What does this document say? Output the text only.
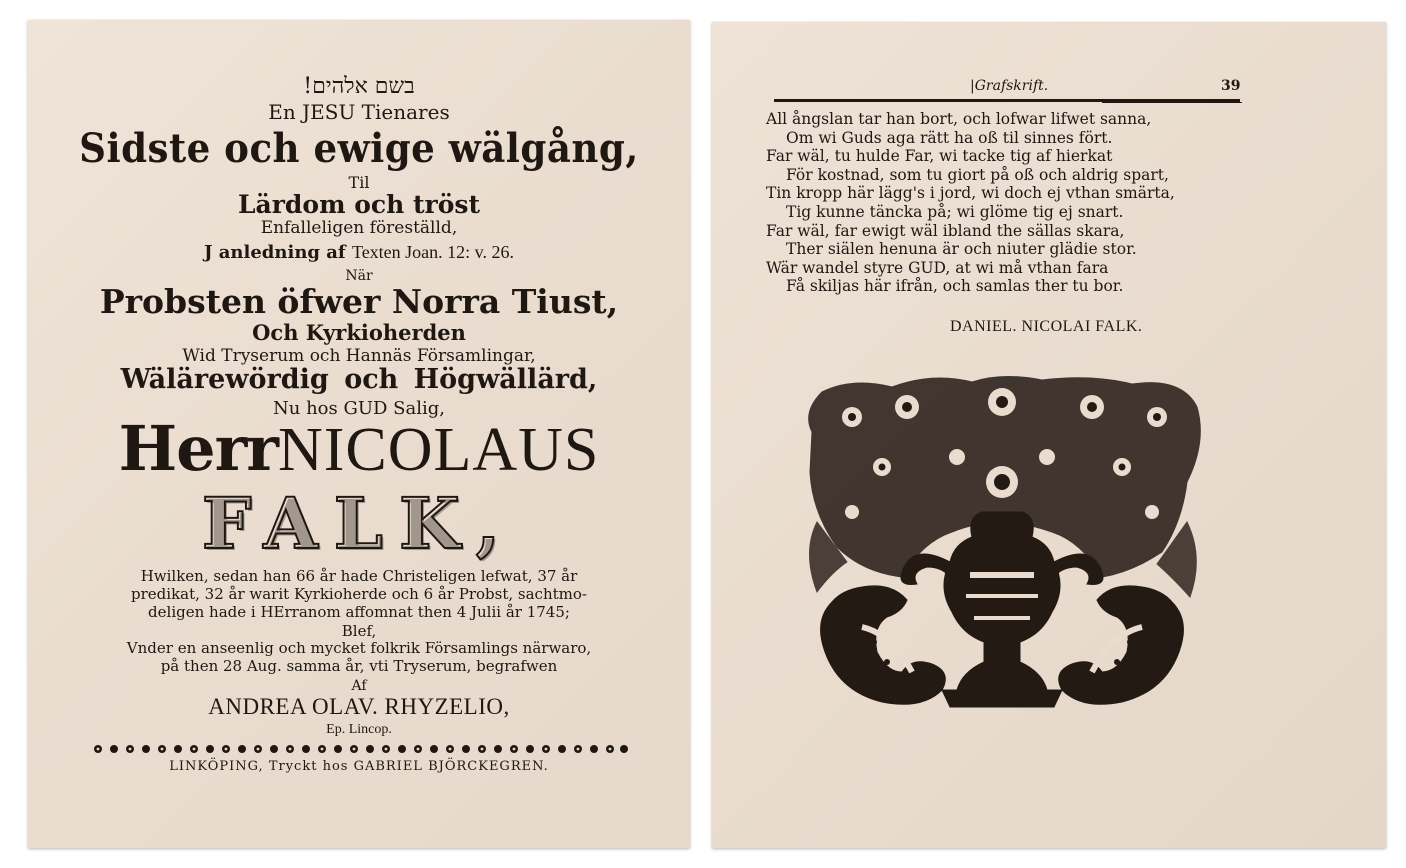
!בשם אלהים
En JESU Tienares
Sidste och ewige wälgång,
Til
Lärdom och tröst
Enfalleligen föreställd,
J anledning af Texten Joan. 12: v. 26.
När
Probsten öfwer Norra Tiust,
Och Kyrkioherden
Wid Tryserum och Hannäs Församlingar,
Wälärewördig och Högwällärd,
Nu hos GUD Salig,
HerrNICOLAUS
FALK,
Hwilken, sedan han 66 år hade Christeligen lefwat, 37 år
predikat, 32 år warit Kyrkioherde och 6 år Probst, sachtmo-
deligen hade i HErranom affomnat then 4 Julii år 1745;
Blef,
Vnder en anseenlig och mycket folkrik Församlings närwaro,
på then 28 Aug. samma år, vti Tryserum, begrafwen
Af
ANDREA OLAV. RHYZELIO,
Ep. Lincop.
LINKÖPING, Tryckt hos GABRIEL BJÖRCKEGREN.
|Grafskrift.	39
All ångslan tar han bort, och lofwar lifwet sanna,
Om wi Guds aga rätt ha oß til sinnes fört.
Far wäl, tu hulde Far, wi tacke tig af hierkat
För kostnad, som tu giort på oß och aldrig spart,
Tin kropp här lägg's i jord, wi doch ej vthan smärta,
Tig kunne täncka på; wi glöme tig ej snart.
Far wäl, far ewigt wäl ibland the sällas skara,
Ther siälen henuna är och niuter glädie stor.
Wär wandel styre GUD, at wi må vthan fara
Få skiljas här ifrån, och samlas ther tu bor.
DANIEL. NICOLAI FALK.
